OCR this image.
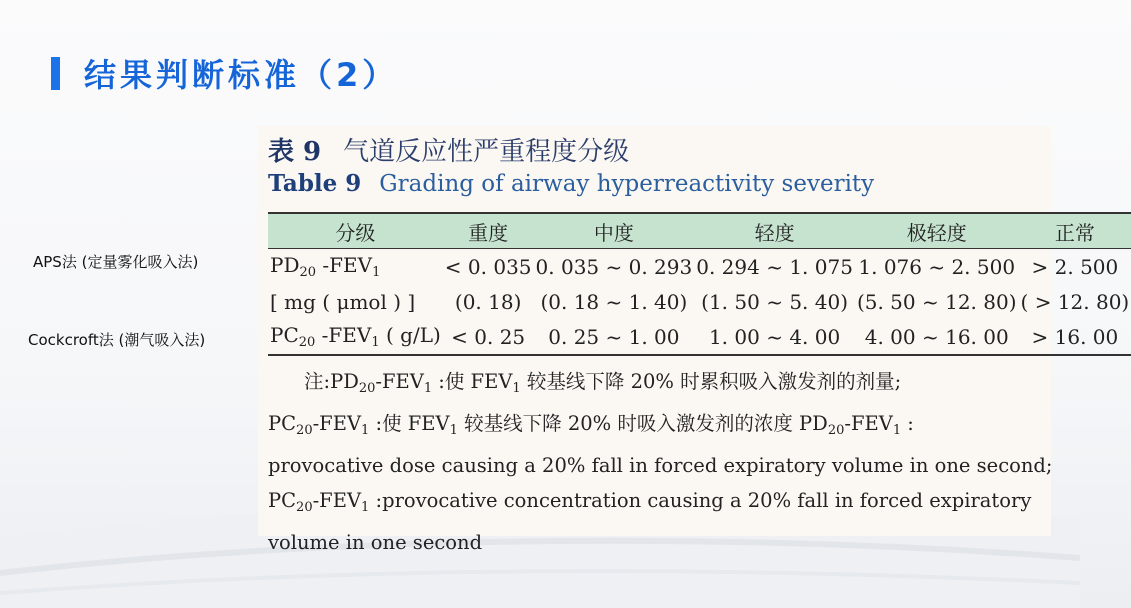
结果判断标准（2）
APS法 (定量雾化吸入法)
Cockcroft法 (潮气吸入法)
表 9 气道反应性严重程度分级
Table 9 Grading of airway hyperreactivity severity
分级	重度	中度	轻度	极轻度	正常
$PD_{20}$ $-FEV_1$	< 0. 035	0. 035 ~ 0. 293	0. 294 ~ 1. 075	1. 076 ~ 2. 500	> 2. 500
[ mg ( μmol ) ]	(0. 18)	(0. 18 ~ 1. 40)	(1. 50 ~ 5. 40)	(5. 50 ~ 12. 80)	( > 12. 80)
$PC_{20}$ $-FEV_1$ ( g/L)	< 0. 25	0. 25 ~ 1. 00	1. 00 ~ 4. 00	4. 00 ~ 16. 00	> 16. 00

注$:PD_{20}-FEV_1$ :使 $FEV_1$ 较基线下降 20% 时累积吸入激发剂的剂量;

$PC_{20}-FEV_1$ :使 $FEV_1$ 较基线下降 20% 时吸入激发剂的浓度 $PD_{20}-FEV_1$ :

provocative dose causing a 20% fall in forced expiratory volume in one second;

$PC_{20}-FEV_1$ :provocative concentration causing a 20% fall in forced expiratory

volume in one second
